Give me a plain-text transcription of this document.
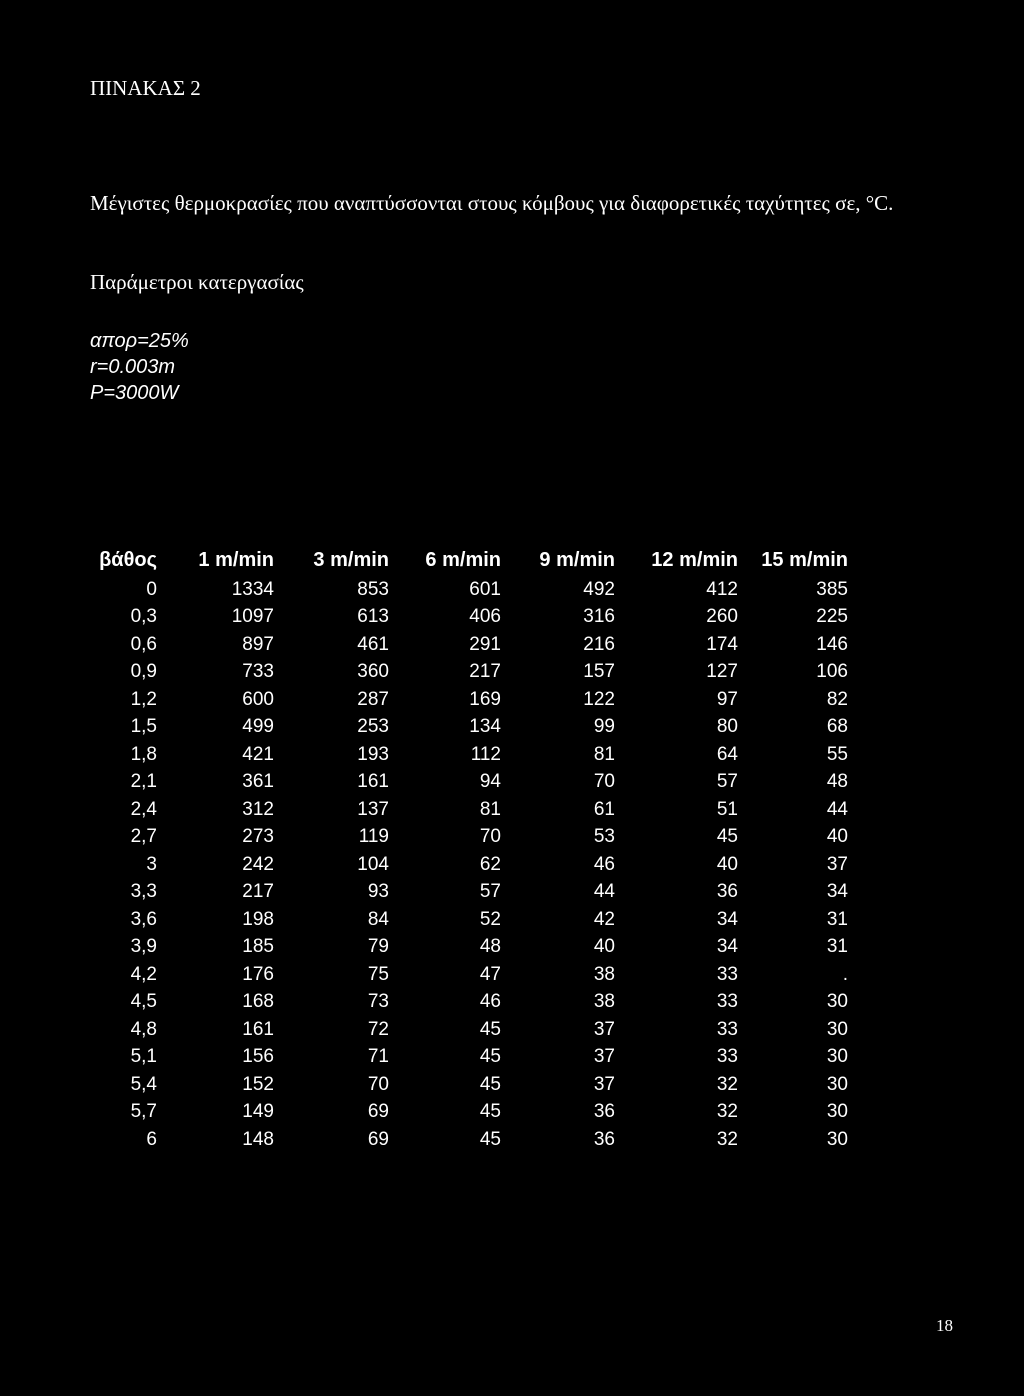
ΠΙΝΑΚΑΣ 2

Μέγιστες θερμοκρασίες που αναπτύσσονται στους κόμβους για διαφορετικές ταχύτητες σε, °C.

Παράμετροι κατεργασίας

απορ=25%
r=0.003m
P=3000W
βάθος	1 m/min	3 m/min	6 m/min	9 m/min	12 m/min	15 m/min
0	1334	853	601	492	412	385
0,3	1097	613	406	316	260	225
0,6	897	461	291	216	174	146
0,9	733	360	217	157	127	106
1,2	600	287	169	122	97	82
1,5	499	253	134	99	80	68
1,8	421	193	112	81	64	55
2,1	361	161	94	70	57	48
2,4	312	137	81	61	51	44
2,7	273	119	70	53	45	40
3	242	104	62	46	40	37
3,3	217	93	57	44	36	34
3,6	198	84	52	42	34	31
3,9	185	79	48	40	34	31
4,2	176	75	47	38	33	.
4,5	168	73	46	38	33	30
4,8	161	72	45	37	33	30
5,1	156	71	45	37	33	30
5,4	152	70	45	37	32	30
5,7	149	69	45	36	32	30
6	148	69	45	36	32	30

18
